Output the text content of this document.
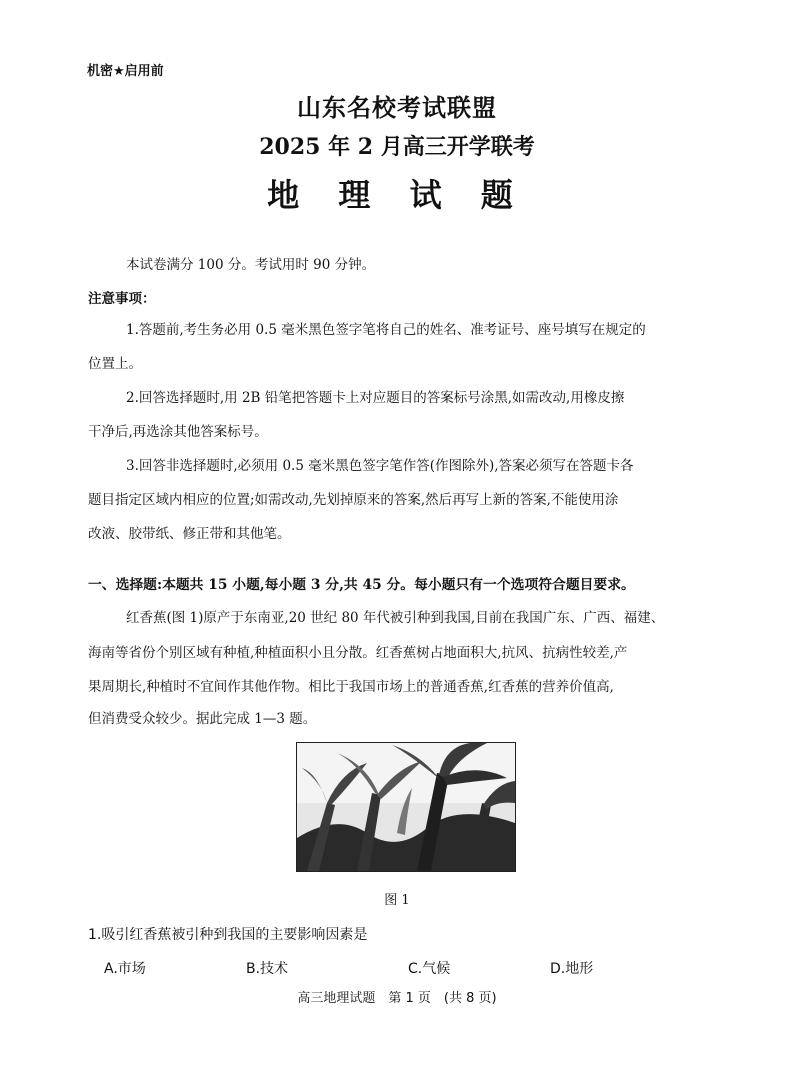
机密★启用前
山东名校考试联盟
2025 年 2 月高三开学联考
地 理 试 题
本试卷满分 100 分。考试用时 90 分钟。
注意事项：
1.答题前,考生务必用 0.5 毫米黑色签字笔将自己的姓名、准考证号、座号填写在规定的
位置上。
2.回答选择题时,用 2B 铅笔把答题卡上对应题目的答案标号涂黑,如需改动,用橡皮擦
干净后,再选涂其他答案标号。
3.回答非选择题时,必须用 0.5 毫米黑色签字笔作答(作图除外),答案必须写在答题卡各
题目指定区域内相应的位置;如需改动,先划掉原来的答案,然后再写上新的答案,不能使用涂
改液、胶带纸、修正带和其他笔。
一、选择题:本题共 15 小题,每小题 3 分,共 45 分。每小题只有一个选项符合题目要求。
红香蕉(图 1)原产于东南亚,20 世纪 80 年代被引种到我国,目前在我国广东、广西、福建、
海南等省份个别区域有种植,种植面积小且分散。红香蕉树占地面积大,抗风、抗病性较差,产
果周期长,种植时不宜间作其他作物。相比于我国市场上的普通香蕉,红香蕉的营养价值高,
但消费受众较少。据此完成 1—3 题。
图 1
1.吸引红香蕉被引种到我国的主要影响因素是
A.市场	B.技术	C.气候	D.地形
高三地理试题　第 1 页　(共 8 页)
